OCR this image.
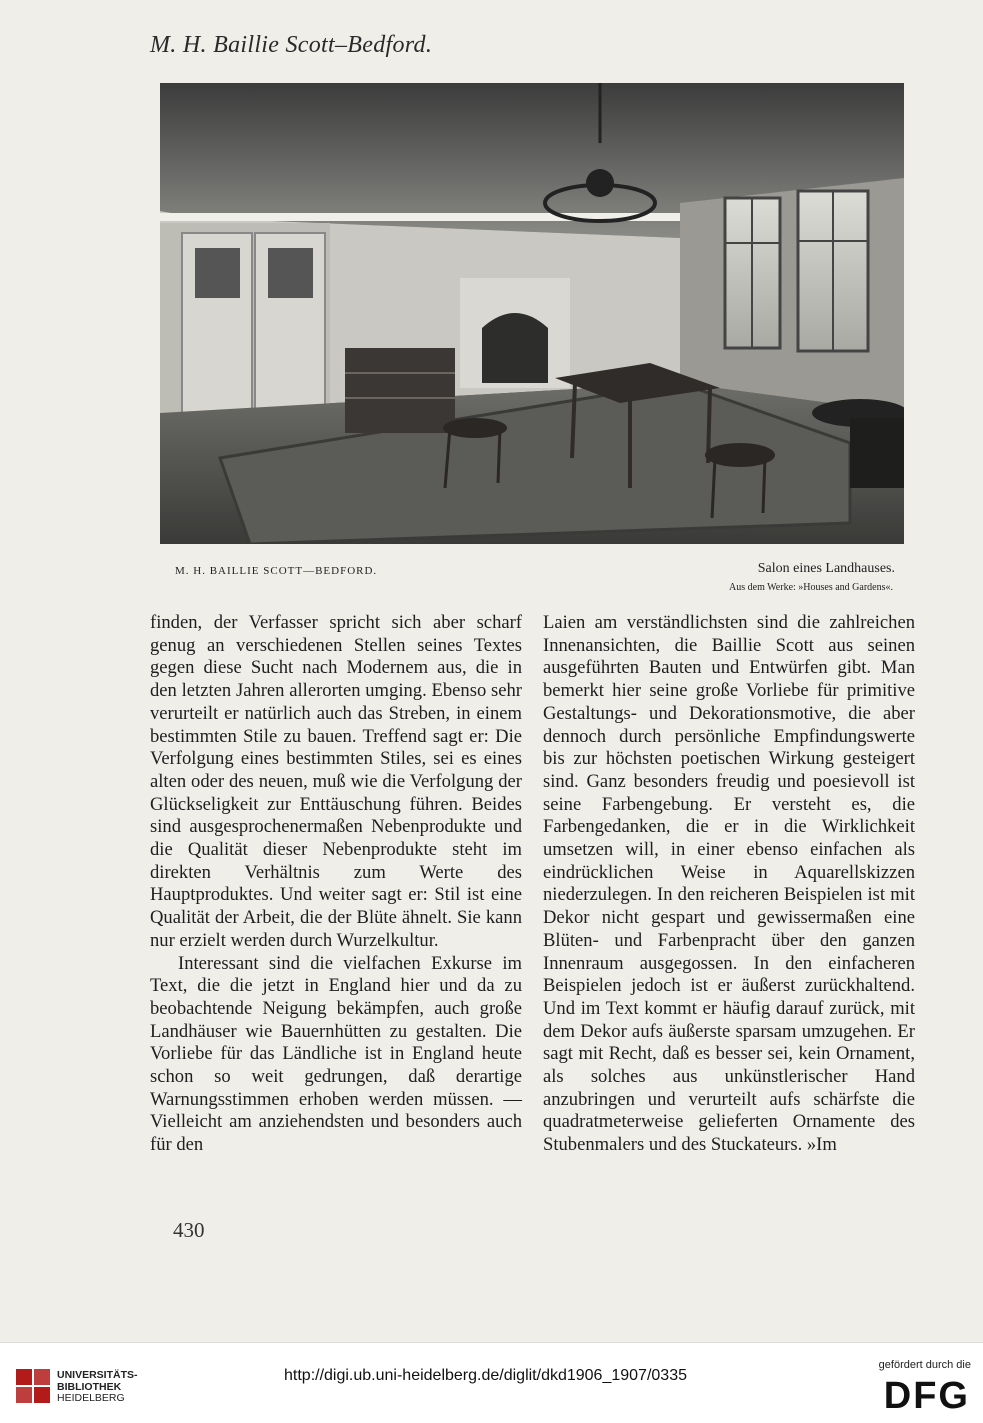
M. H. Baillie Scott–Bedford.
M. H. BAILLIE SCOTT—BEDFORD.	Salon eines Landhauses.
Aus dem Werke: »Houses and Gardens«.

finden, der Verfasser spricht sich aber scharf genug an verschiedenen Stellen seines Textes gegen diese Sucht nach Modernem aus, die in den letzten Jahren allerorten umging. Ebenso sehr verurteilt er natürlich auch das Streben, in einem bestimmten Stile zu bauen. Treffend sagt er: Die Verfolgung eines bestimmten Stiles, sei es eines alten oder des neuen, muß wie die Verfolgung der Glückseligkeit zur Enttäuschung führen. Beides sind ausgesprochenermaßen Nebenprodukte und die Qualität dieser Nebenprodukte steht im direkten Verhältnis zum Werte des Hauptproduktes. Und weiter sagt er: Stil ist eine Qualität der Arbeit, die der Blüte ähnelt. Sie kann nur erzielt werden durch Wurzelkultur.

Interessant sind die vielfachen Exkurse im Text, die die jetzt in England hier und da zu beobachtende Neigung bekämpfen, auch große Landhäuser wie Bauernhütten zu gestalten. Die Vorliebe für das Ländliche ist in England heute schon so weit gedrungen, daß derartige Warnungsstimmen erhoben werden müssen. — Vielleicht am anziehendsten und besonders auch für den

Laien am verständlichsten sind die zahlreichen Innenansichten, die Baillie Scott aus seinen ausgeführten Bauten und Entwürfen gibt. Man bemerkt hier seine große Vorliebe für primitive Gestaltungs- und Dekorationsmotive, die aber dennoch durch persönliche Empfindungswerte bis zur höchsten poetischen Wirkung gesteigert sind. Ganz besonders freudig und poesievoll ist seine Farbengebung. Er versteht es, die Farbengedanken, die er in die Wirklichkeit umsetzen will, in einer ebenso einfachen als eindrücklichen Weise in Aquarellskizzen niederzulegen. In den reicheren Beispielen ist mit Dekor nicht gespart und gewissermaßen eine Blüten- und Farbenpracht über den ganzen Innenraum ausgegossen. In den einfacheren Beispielen jedoch ist er äußerst zurückhaltend. Und im Text kommt er häufig darauf zurück, mit dem Dekor aufs äußerste sparsam umzugehen. Er sagt mit Recht, daß es besser sei, kein Ornament, als solches aus unkünstlerischer Hand anzubringen und verurteilt aufs schärfste die quadratmeterweise gelieferten Ornamente des Stubenmalers und des Stuckateurs. »Im

430
UNIVERSITÄTS-
BIBLIOTHEK
HEIDELBERG
http://digi.ub.uni-heidelberg.de/diglit/dkd1906_1907/0335
gefördert durch die
DFG
